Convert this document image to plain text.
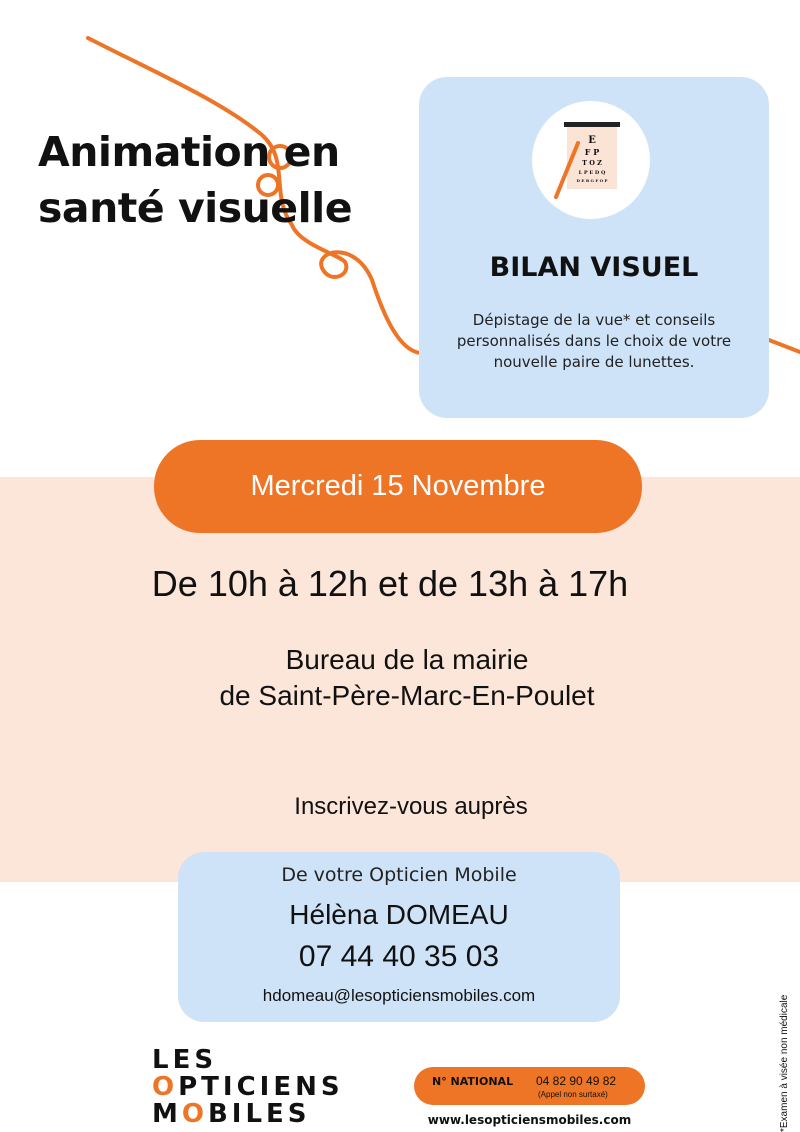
Animation en
santé visuelle
E
F P
T O Z
L P E D Q
D E R G F O P
BILAN VISUEL
Dépistage de la vue* et conseils personnalisés dans le choix de votre nouvelle paire de lunettes.
Mercredi 15 Novembre
De 10h à 12h et de 13h à 17h
Bureau de la mairie
de Saint-Père-Marc-En-Poulet
Inscrivez-vous auprès
De votre Opticien Mobile
Hélèna DOMEAU
07 44 40 35 03
hdomeau@lesopticiensmobiles.com
LES
OPTICIENS
MOBILES
N° NATIONAL 04 82 90 49 82
(Appel non surtaxé)
www.lesopticiensmobiles.com	*Examen à visée non médicale
